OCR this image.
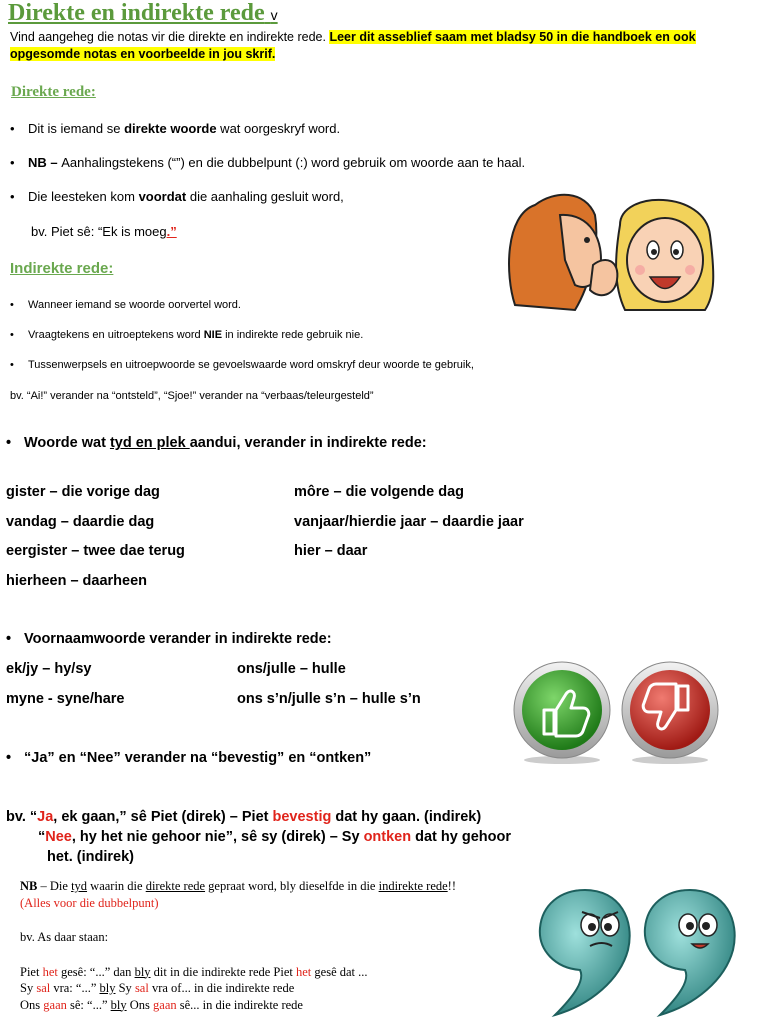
Direkte en indirekte rede v
Vind aangeheg die notas vir die direkte en indirekte rede. Leer dit asseblief saam met bladsy 50 in die handboek en ook opgesomde notas en voorbeelde in jou skrif.
Direkte rede:
• Dit is iemand se direkte woorde wat oorgeskryf word.
• NB – Aanhalingstekens (“”) en die dubbelpunt (:) word gebruik om woorde aan te haal.
• Die leesteken kom voordat die aanhaling gesluit word,
bv. Piet sê: “Ek is moeg.”
Indirekte rede:
• Wanneer iemand se woorde oorvertel word.
• Vraagtekens en uitroeptekens word NIE in indirekte rede gebruik nie.
• Tussenwerpsels en uitroepwoorde se gevoelswaarde word omskryf deur woorde te gebruik,
bv. “Ai!” verander na “ontsteld”, “Sjoe!” verander na “verbaas/teleurgesteld”
• Woorde wat tyd en plek aandui, verander in indirekte rede:
gister – die vorige dag
vandag – daardie dag
eergister – twee dae terug
hierheen – daarheen
môre – die volgende dag
vanjaar/hierdie jaar – daardie jaar
hier – daar
• Voornaamwoorde verander in indirekte rede:
ek/jy – hy/sy
myne - syne/hare
ons/julle – hulle
ons s’n/julle s’n – hulle s’n
• “Ja” en “Nee” verander na “bevestig” en “ontken”
bv. “Ja, ek gaan,” sê Piet (direk) – Piet bevestig dat hy gaan. (indirek)
“Nee, hy het nie gehoor nie”, sê sy (direk) – Sy ontken dat hy gehoor
het. (indirek)
NB – Die tyd waarin die direkte rede gepraat word, bly dieselfde in die indirekte rede!!
(Alles voor die dubbelpunt)
bv. As daar staan:
Piet het gesê: “...” dan bly dit in die indirekte rede Piet het gesê dat ...
Sy sal vra: “...” bly Sy sal vra of... in die indirekte rede
Ons gaan sê: “...” bly Ons gaan sê... in die indirekte rede
